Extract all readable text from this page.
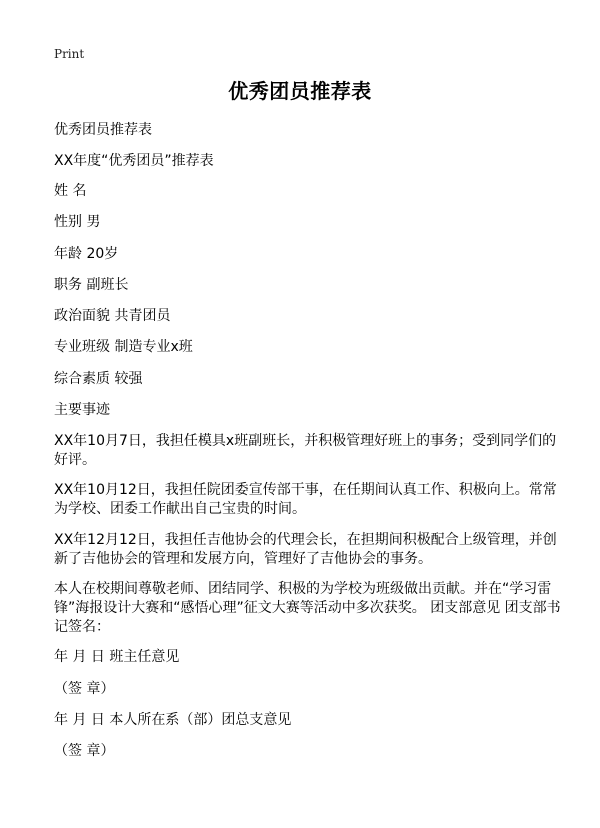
Print
优秀团员推荐表
优秀团员推荐表
XX年度“优秀团员”推荐表
姓 名
性别 男
年龄 20岁
职务 副班长
政治面貌 共青团员
专业班级 制造专业x班
综合素质 较强
主要事迹
XX年10月7日，我担任模具x班副班长，并积极管理好班上的事务；受到同学们的
好评。
XX年10月12日，我担任院团委宣传部干事，在任期间认真工作、积极向上。常常
为学校、团委工作献出自己宝贵的时间。
XX年12月12日，我担任吉他协会的代理会长，在担期间积极配合上级管理，并创
新了吉他协会的管理和发展方向，管理好了吉他协会的事务。
本人在校期间尊敬老师、团结同学、积极的为学校为班级做出贡献。并在“学习雷
锋”海报设计大赛和“感悟心理”征文大赛等活动中多次获奖。 团支部意见 团支部书
记签名：
年 月 日 班主任意见
（签 章）
年 月 日 本人所在系（部）团总支意见
（签 章）
